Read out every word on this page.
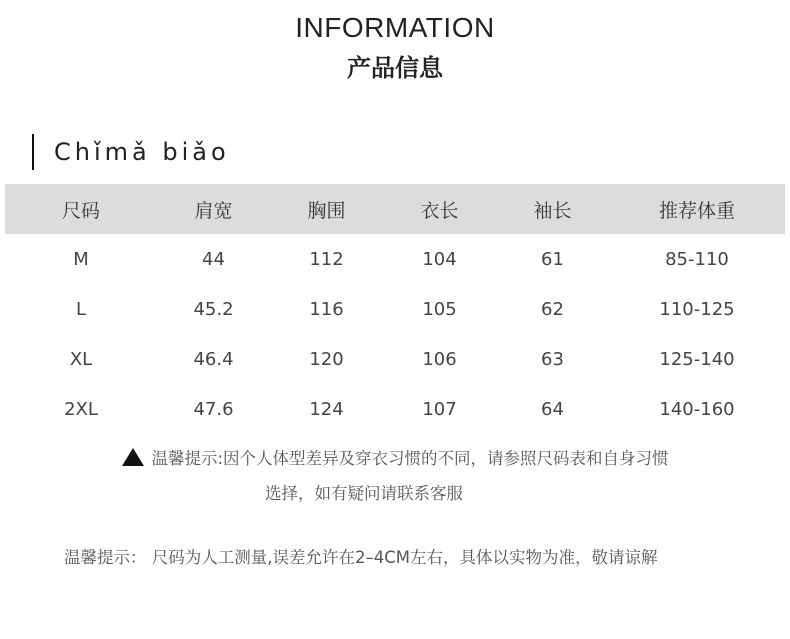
INFORMATION
产品信息
Chǐmǎ biǎo
尺码	肩宽	胸围	衣长	袖长	推荐体重
M	44	112	104	61	85-110
L	45.2	116	105	62	110-125
XL	46.4	120	106	63	125-140
2XL	47.6	124	107	64	140-160
温馨提示:因个人体型差异及穿衣习惯的不同，请参照尺码表和自身习惯
选择，如有疑问请联系客服
温馨提示： 尺码为人工测量,误差允许在2–4CM左右，具体以实物为准，敬请谅解
